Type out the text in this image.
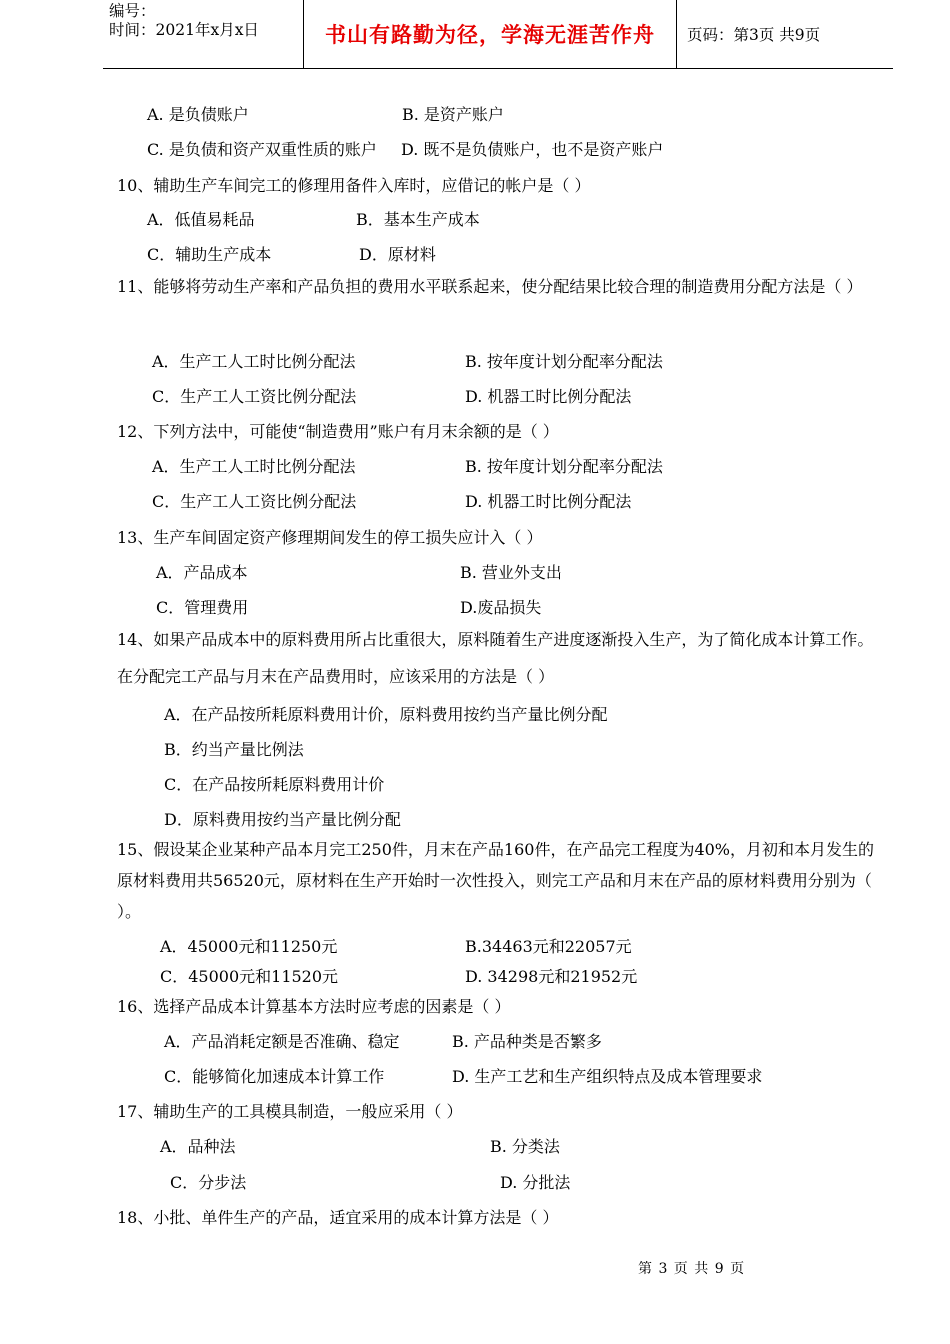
编号：
时间：2021年x月x日	书山有路勤为径，学海无涯苦作舟	页码：第3页 共9页
A. 是负债账户	B. 是资产账户
C. 是负债和资产双重性质的账户 D. 既不是负债账户，也不是资产账户
10、辅助生产车间完工的修理用备件入库时，应借记的帐户是（ ）
A．低值易耗品	B．基本生产成本
C．辅助生产成本	D．原材料
11、能够将劳动生产率和产品负担的费用水平联系起来，使分配结果比较合理的制造费用分配方法是（ ）
A．生产工人工时比例分配法	B. 按年度计划分配率分配法
C．生产工人工资比例分配法	D. 机器工时比例分配法
12、下列方法中，可能使“制造费用”账户有月末余额的是（ ）
A．生产工人工时比例分配法	B. 按年度计划分配率分配法
C．生产工人工资比例分配法	D. 机器工时比例分配法
13、生产车间固定资产修理期间发生的停工损失应计入（ ）
A．产品成本	B. 营业外支出
C．管理费用	D.废品损失
14、如果产品成本中的原料费用所占比重很大，原料随着生产进度逐渐投入生产，为了简化成本计算工作。在分配完工产品与月末在产品费用时，应该采用的方法是（ ）
A．在产品按所耗原料费用计价，原料费用按约当产量比例分配
B．约当产量比例法
C．在产品按所耗原料费用计价
D．原料费用按约当产量比例分配
15、假设某企业某种产品本月完工250件，月末在产品160件，在产品完工程度为40%，月初和本月发生的原材料费用共56520元，原材料在生产开始时一次性投入，则完工产品和月末在产品的原材料费用分别为（ ）。
A．45000元和11250元	B.34463元和22057元
C．45000元和11520元	D. 34298元和21952元
16、选择产品成本计算基本方法时应考虑的因素是（ ）
A．产品消耗定额是否准确、稳定	B. 产品种类是否繁多
C．能够简化加速成本计算工作	D. 生产工艺和生产组织特点及成本管理要求
17、辅助生产的工具模具制造，一般应采用（ ）
A．品种法	B. 分类法
C．分步法	D. 分批法
18、小批、单件生产的产品，适宜采用的成本计算方法是（ ）
第 3 页 共 9 页
